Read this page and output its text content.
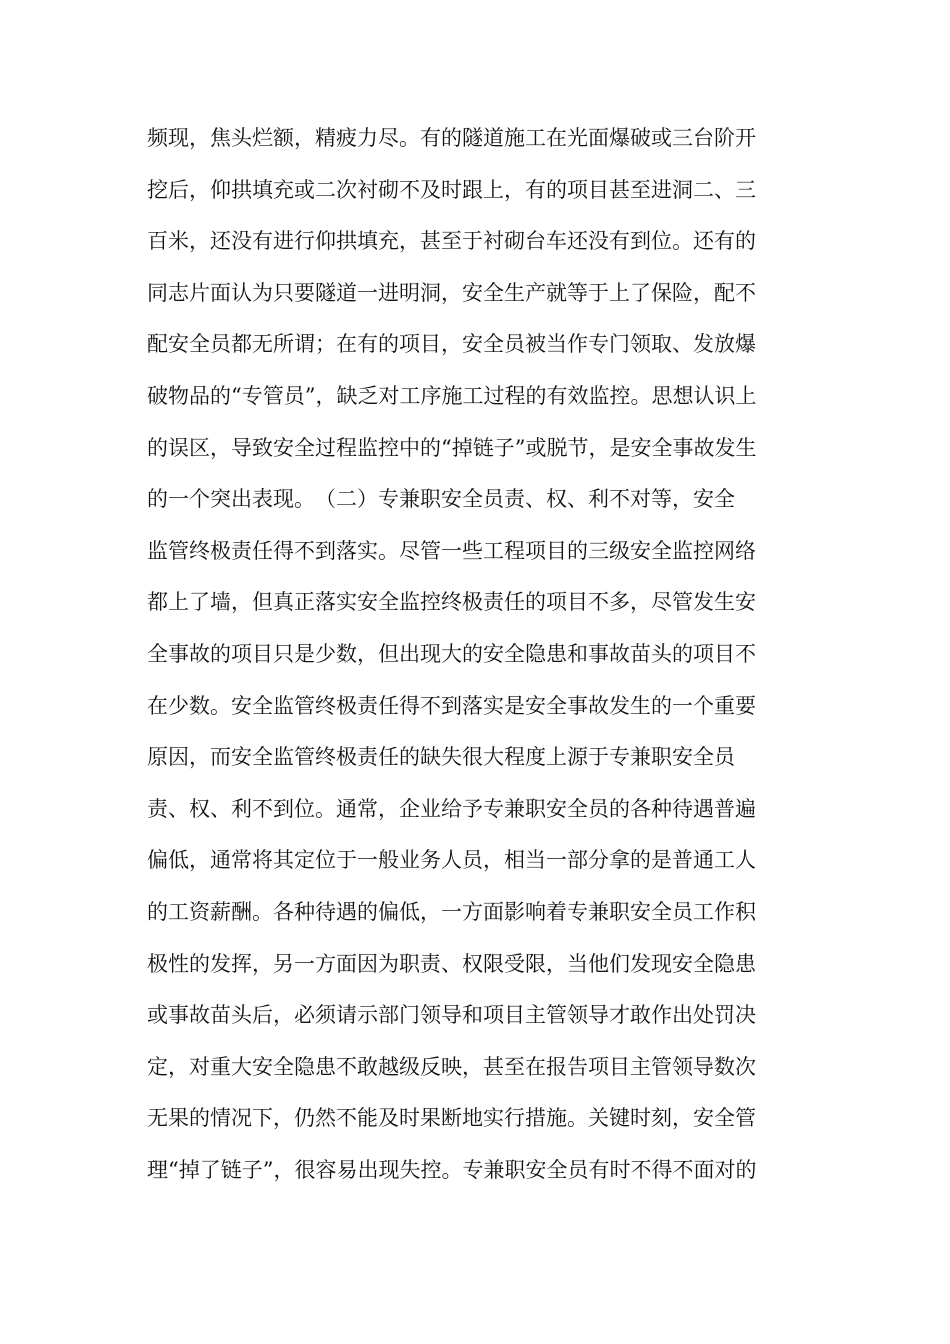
频现，焦头烂额，精疲力尽。有的隧道施工在光面爆破或三台阶开
挖后，仰拱填充或二次衬砌不及时跟上，有的项目甚至进洞二、三
百米，还没有进行仰拱填充，甚至于衬砌台车还没有到位。还有的
同志片面认为只要隧道一进明洞，安全生产就等于上了保险，配不
配安全员都无所谓；在有的项目，安全员被当作专门领取、发放爆
破物品的“专管员”，缺乏对工序施工过程的有效监控。思想认识上
的误区，导致安全过程监控中的“掉链子”或脱节，是安全事故发生
的一个突出表现。　（二）专兼职安全员责、权、利不对等，安全
监管终极责任得不到落实。尽管一些工程项目的三级安全监控网络
都上了墙，但真正落实安全监控终极责任的项目不多，尽管发生安
全事故的项目只是少数，但出现大的安全隐患和事故苗头的项目不
在少数。安全监管终极责任得不到落实是安全事故发生的一个重要
原因，而安全监管终极责任的缺失很大程度上源于专兼职安全员
责、权、利不到位。通常，企业给予专兼职安全员的各种待遇普遍
偏低，通常将其定位于一般业务人员，相当一部分拿的是普通工人
的工资薪酬。各种待遇的偏低，一方面影响着专兼职安全员工作积
极性的发挥，另一方面因为职责、权限受限，当他们发现安全隐患
或事故苗头后，必须请示部门领导和项目主管领导才敢作出处罚决
定，对重大安全隐患不敢越级反映，甚至在报告项目主管领导数次
无果的情况下，仍然不能及时果断地实行措施。关键时刻，安全管
理“掉了链子”，很容易出现失控。专兼职安全员有时不得不面对的
